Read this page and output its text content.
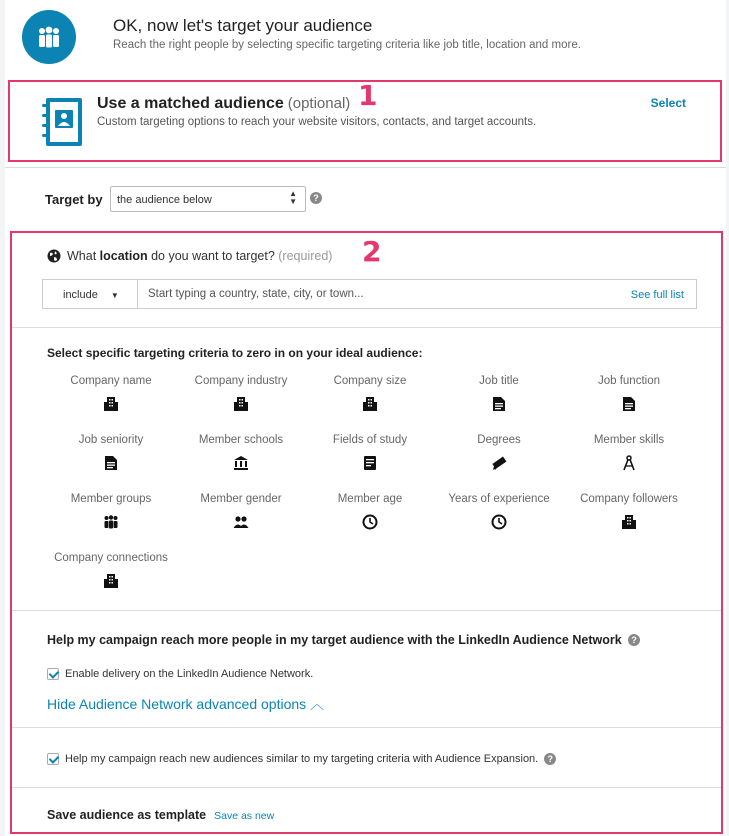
OK, now let's target your audience
Reach the right people by selecting specific targeting criteria like job title, location and more.
Use a matched audience (optional)
Custom targeting options to reach your website visitors, contacts, and target accounts.
Select
1
Target by	the audience below
▲
▼	?
What location do you want to target? (required)
include ▼	Start typing a country, state, city, or town...	See full list
Select specific targeting criteria to zero in on your ideal audience:
Company name	Company industry	Company size	Job title	Job function
Job seniority	Member schools	Fields of study	Degrees	Member skills
Member groups	Member gender	Member age	Years of experience	Company followers
Company connections
Help my campaign reach more people in my target audience with the LinkedIn Audience Network ?
Enable delivery on the LinkedIn Audience Network.
Hide Audience Network advanced options ︿
Help my campaign reach new audiences similar to my targeting criteria with Audience Expansion. ?
Save audience as template Save as new
2
